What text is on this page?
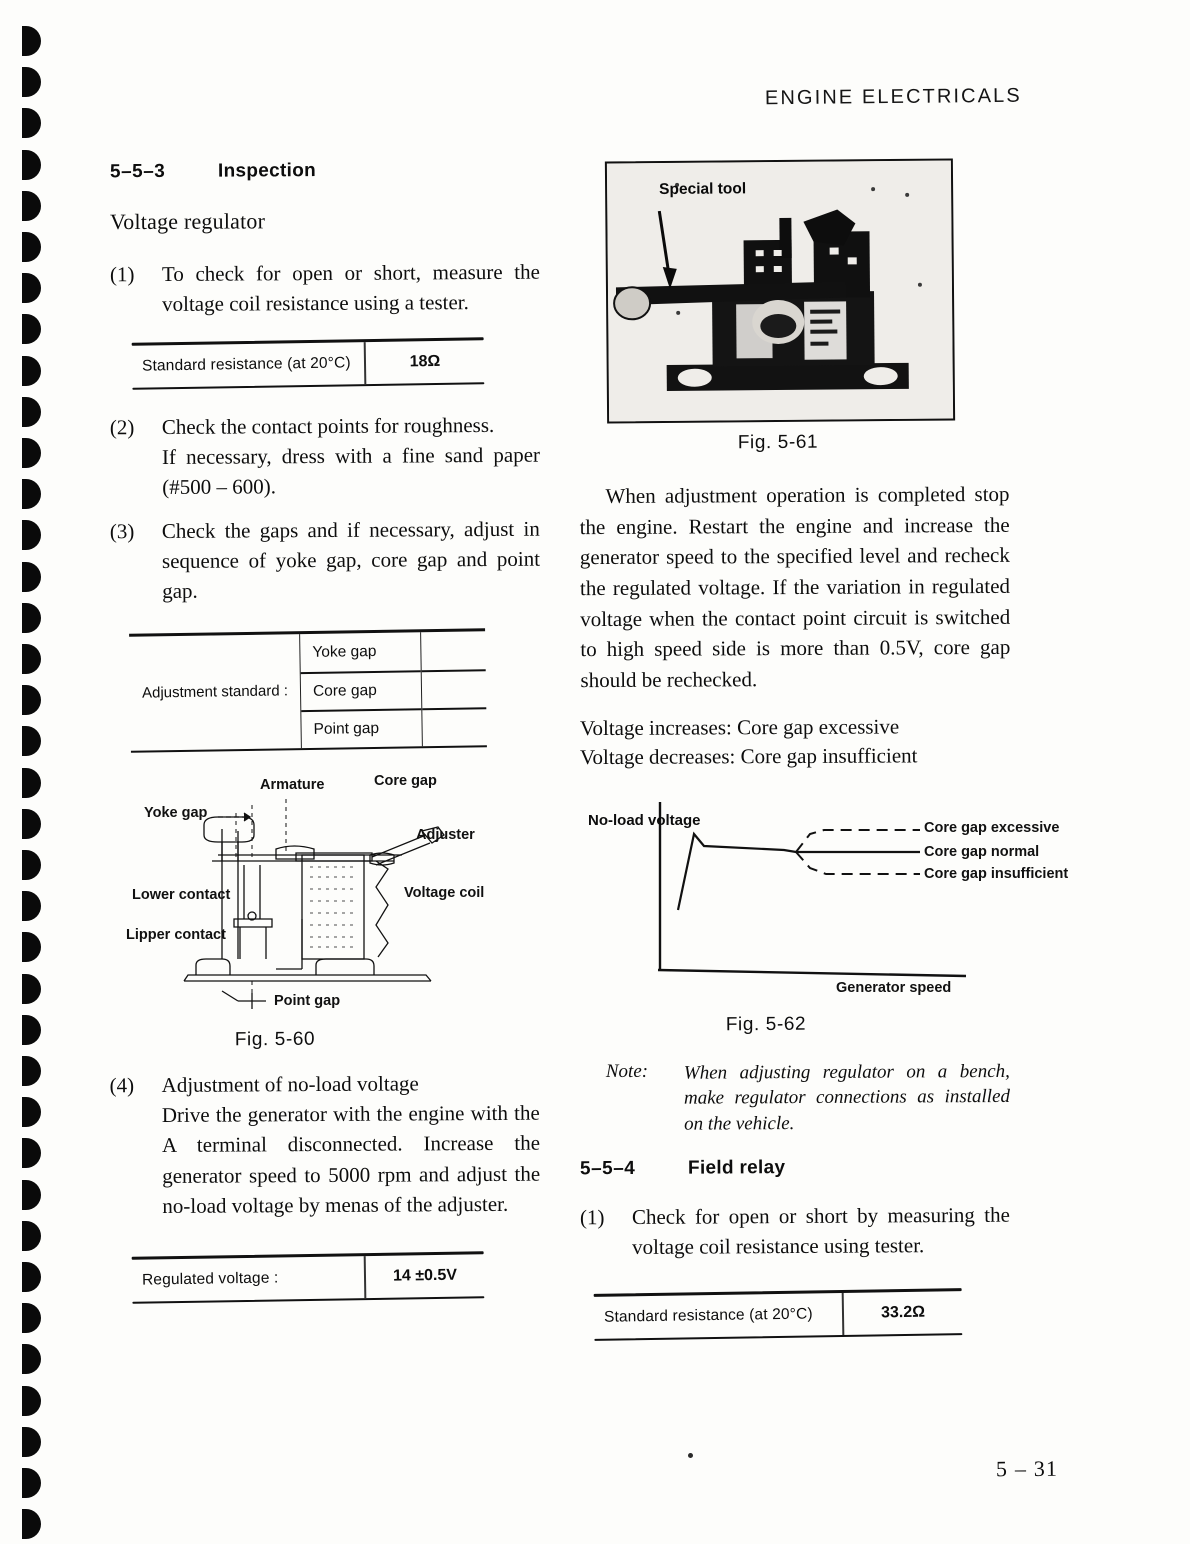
ENGINE ELECTRICALS
5–5–3	Inspection
Voltage regulator
(1)	To check for open or short, measure the voltage coil resistance using a tester.
Standard resistance (at 20°C)	18Ω
(2)	Check the contact points for roughness.

If necessary, dress with a fine sand paper (#500 – 600).

(3)	Check the gaps and if necessary, adjust in sequence of yoke gap, core gap and point gap.
Adjustment standard :
Yoke gap
Core gap
Point gap
Armature	Core gap
Yoke gap
Adjuster
Lower contact	Voltage coil
Lipper contact
Point gap
Fig. 5-60
(4)	Adjustment of no-load voltage

Drive the generator with the engine with the A terminal disconnected. Increase the generator speed to 5000 rpm and adjust the no-load voltage by menas of the adjuster.

Regulated voltage :	14 ±0.5V
Special tool
Fig. 5-61

When adjustment operation is completed stop the engine. Restart the engine and increase the generator speed to the specified level and recheck the regulated voltage. If the variation in regulated voltage when the contact point circuit is switched to high speed side is more than 0.5V, core gap should be rechecked.

Voltage increases: Core gap excessive

Voltage decreases: Core gap insufficient

No-load voltage	Core gap excessive
Core gap normal
Core gap insufficient
Generator speed
Fig. 5-62
Note:	When adjusting regulator on a bench, make regulator connections as installed on the vehicle.
5–5–4	Field relay
(1)	Check for open or short by measuring the voltage coil resistance using tester.
Standard resistance (at 20°C)	33.2Ω
5 – 31
